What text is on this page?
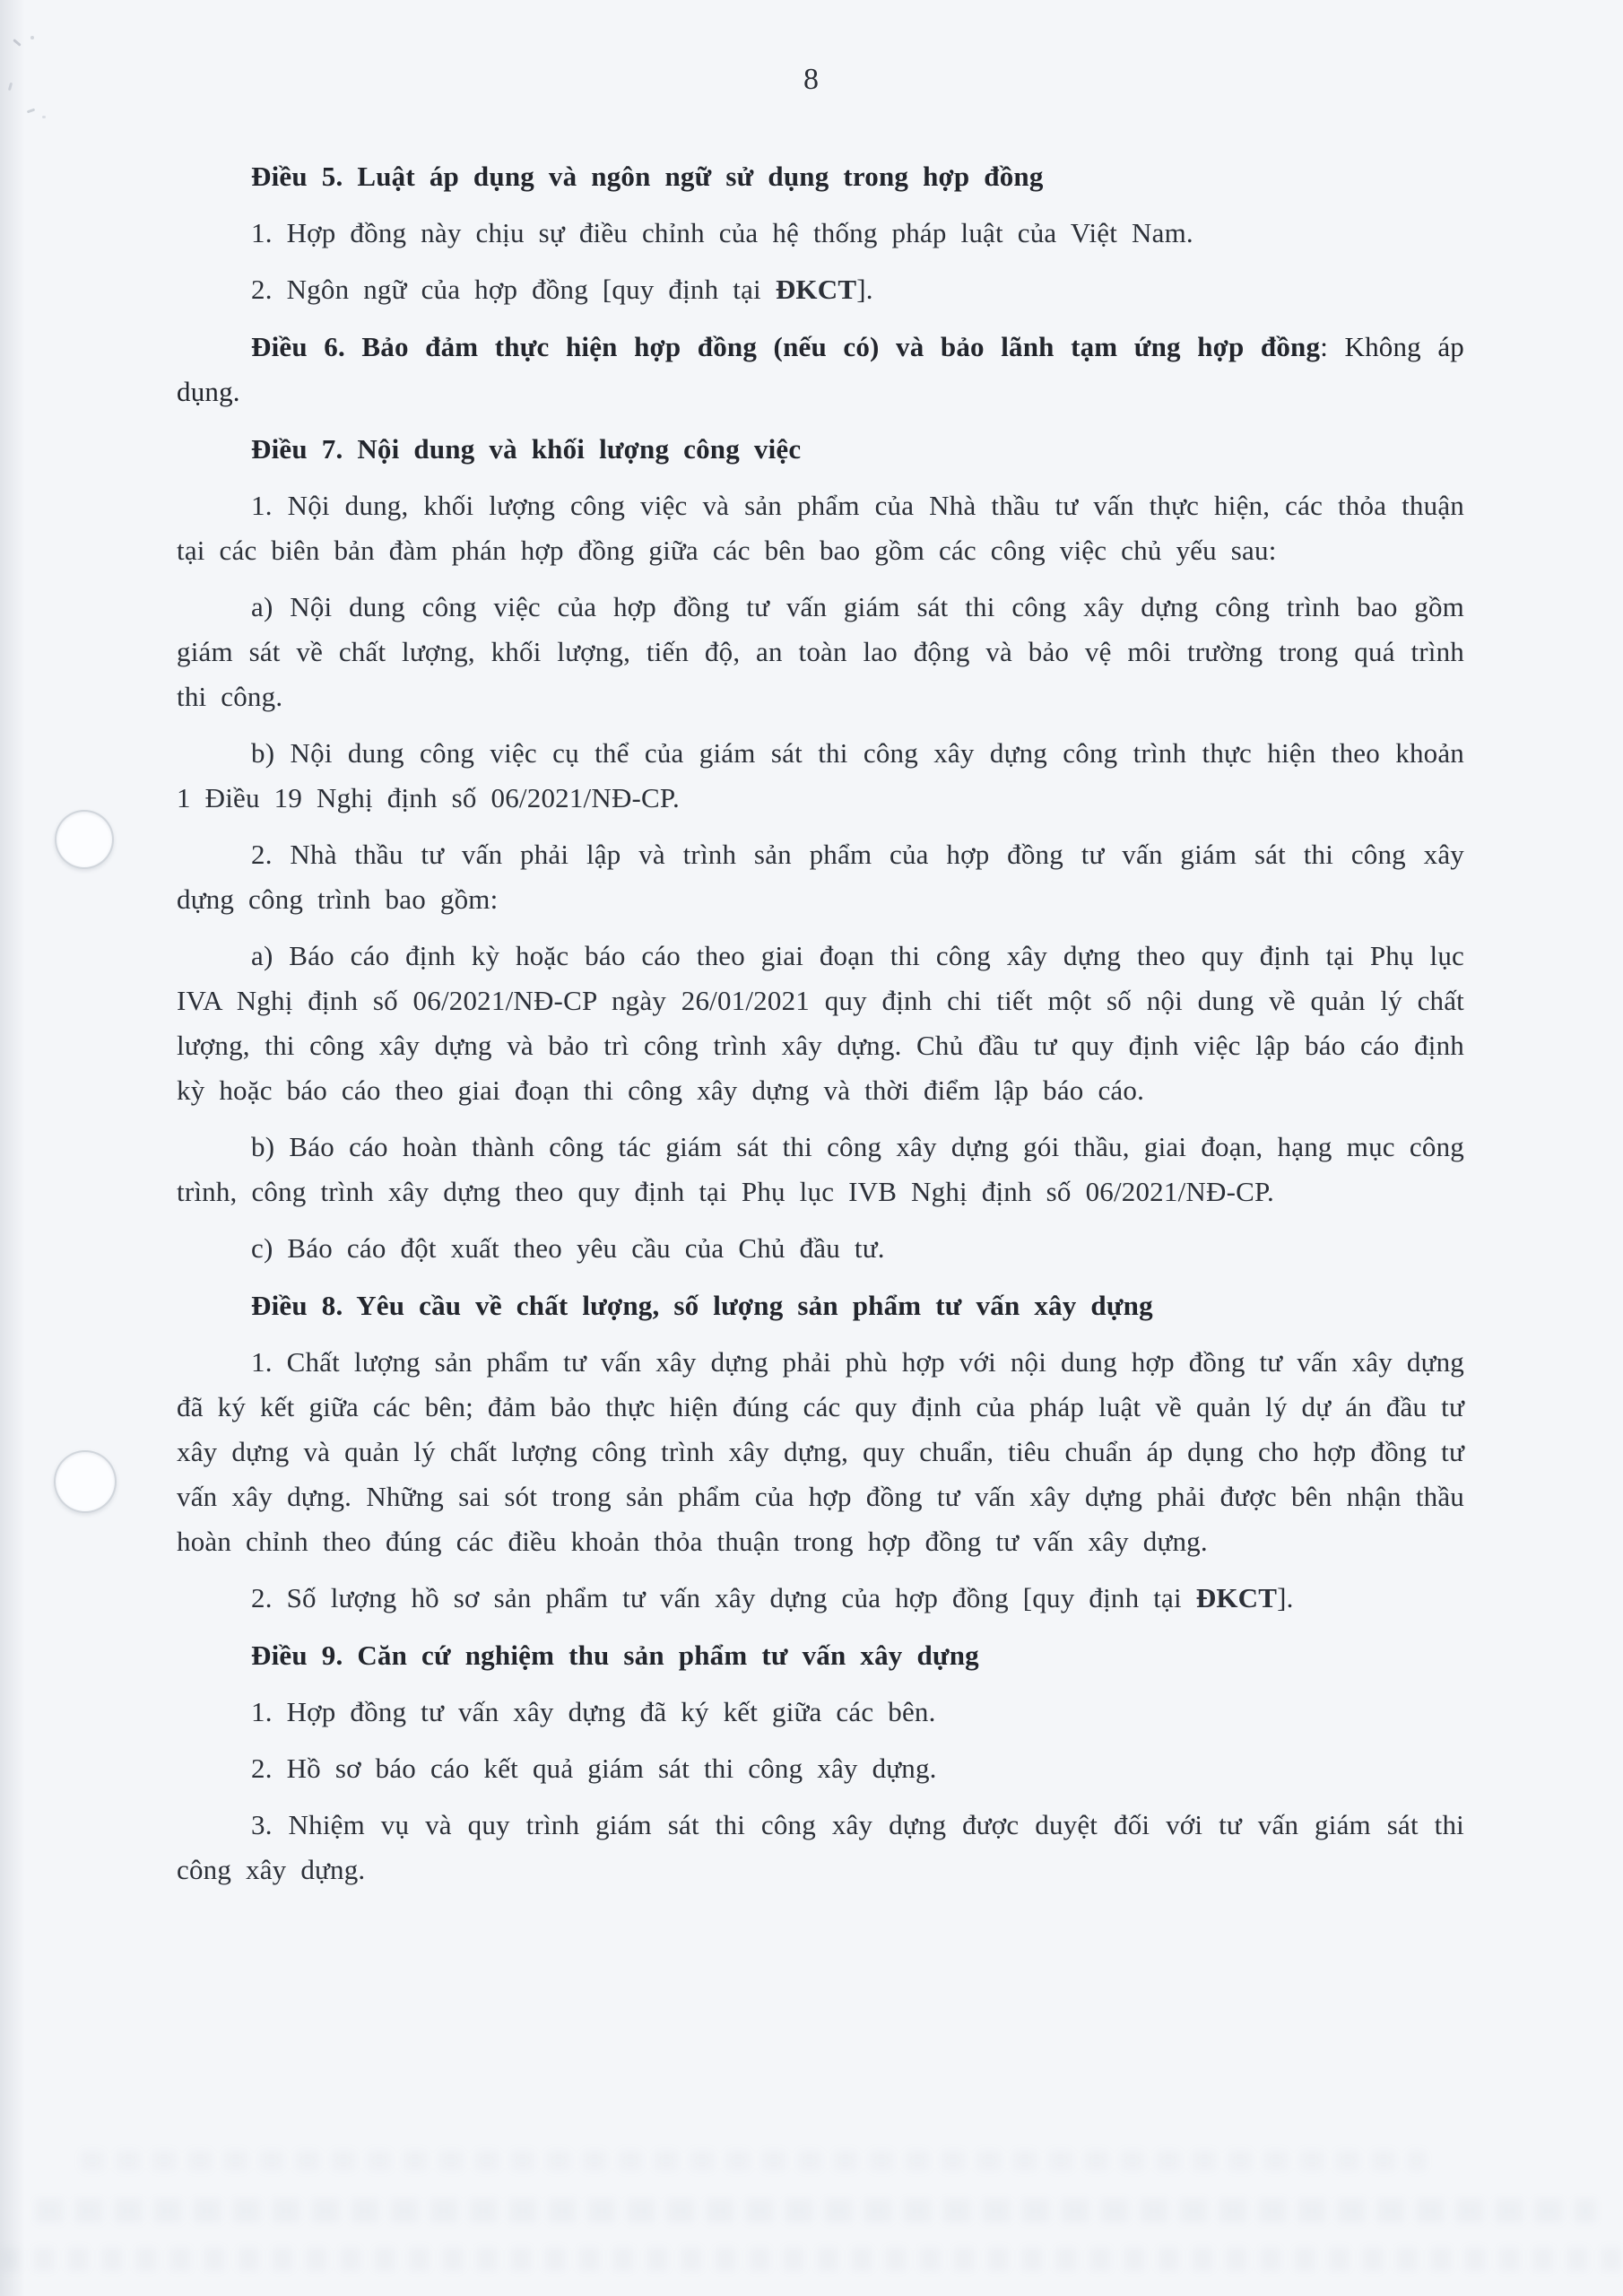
8

Điều 5. Luật áp dụng và ngôn ngữ sử dụng trong hợp đồng

1. Hợp đồng này chịu sự điều chỉnh của hệ thống pháp luật của Việt Nam.

2. Ngôn ngữ của hợp đồng [quy định tại ĐKCT].

Điều 6. Bảo đảm thực hiện hợp đồng (nếu có) và bảo lãnh tạm ứng hợp đồng: Không áp dụng.

Điều 7. Nội dung và khối lượng công việc

1. Nội dung, khối lượng công việc và sản phẩm của Nhà thầu tư vấn thực hiện, các thỏa thuận tại các biên bản đàm phán hợp đồng giữa các bên bao gồm các công việc chủ yếu sau:

a) Nội dung công việc của hợp đồng tư vấn giám sát thi công xây dựng công trình bao gồm giám sát về chất lượng, khối lượng, tiến độ, an toàn lao động và bảo vệ môi trường trong quá trình thi công.

b) Nội dung công việc cụ thể của giám sát thi công xây dựng công trình thực hiện theo khoản 1 Điều 19 Nghị định số 06/2021/NĐ-CP.

2. Nhà thầu tư vấn phải lập và trình sản phẩm của hợp đồng tư vấn giám sát thi công xây dựng công trình bao gồm:

a) Báo cáo định kỳ hoặc báo cáo theo giai đoạn thi công xây dựng theo quy định tại Phụ lục IVA Nghị định số 06/2021/NĐ-CP ngày 26/01/2021 quy định chi tiết một số nội dung về quản lý chất lượng, thi công xây dựng và bảo trì công trình xây dựng. Chủ đầu tư quy định việc lập báo cáo định kỳ hoặc báo cáo theo giai đoạn thi công xây dựng và thời điểm lập báo cáo.

b) Báo cáo hoàn thành công tác giám sát thi công xây dựng gói thầu, giai đoạn, hạng mục công trình, công trình xây dựng theo quy định tại Phụ lục IVB Nghị định số 06/2021/NĐ-CP.

c) Báo cáo đột xuất theo yêu cầu của Chủ đầu tư.

Điều 8. Yêu cầu về chất lượng, số lượng sản phẩm tư vấn xây dựng

1. Chất lượng sản phẩm tư vấn xây dựng phải phù hợp với nội dung hợp đồng tư vấn xây dựng đã ký kết giữa các bên; đảm bảo thực hiện đúng các quy định của pháp luật về quản lý dự án đầu tư xây dựng và quản lý chất lượng công trình xây dựng, quy chuẩn, tiêu chuẩn áp dụng cho hợp đồng tư vấn xây dựng. Những sai sót trong sản phẩm của hợp đồng tư vấn xây dựng phải được bên nhận thầu hoàn chỉnh theo đúng các điều khoản thỏa thuận trong hợp đồng tư vấn xây dựng.

2. Số lượng hồ sơ sản phẩm tư vấn xây dựng của hợp đồng [quy định tại ĐKCT].

Điều 9. Căn cứ nghiệm thu sản phẩm tư vấn xây dựng

1. Hợp đồng tư vấn xây dựng đã ký kết giữa các bên.

2. Hồ sơ báo cáo kết quả giám sát thi công xây dựng.

3. Nhiệm vụ và quy trình giám sát thi công xây dựng được duyệt đối với tư vấn giám sát thi công xây dựng.
